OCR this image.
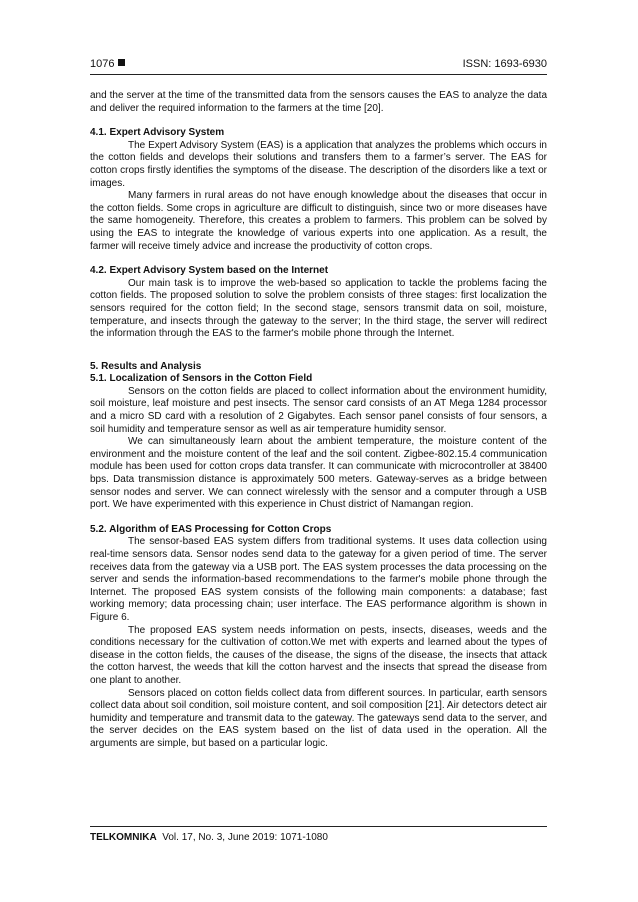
1076	ISSN: 1693-6930

and the server at the time of the transmitted data from the sensors causes the EAS to analyze the data and deliver the required information to the farmers at the time [20].

4.1. Expert Advisory System

The Expert Advisory System (EAS) is a application that analyzes the problems which occurs in the cotton fields and develops their solutions and transfers them to a farmer’s server. The EAS for cotton crops firstly identifies the symptoms of the disease. The description of the disorders like a text or images.

Many farmers in rural areas do not have enough knowledge about the diseases that occur in the cotton fields. Some crops in agriculture are difficult to distinguish, since two or more diseases have the same homogeneity. Therefore, this creates a problem to farmers. This problem can be solved by using the EAS to integrate the knowledge of various experts into one application. As a result, the farmer will receive timely advice and increase the productivity of cotton crops.

4.2. Expert Advisory System based on the Internet

Our main task is to improve the web-based so application to tackle the problems facing the cotton fields. The proposed solution to solve the problem consists of three stages: first localization the sensors required for the cotton field; In the second stage, sensors transmit data on soil, moisture, temperature, and insects through the gateway to the server; In the third stage, the server will redirect the information through the EAS to the farmer's mobile phone through the Internet.

5. Results and Analysis
5.1. Localization of Sensors in the Cotton Field

Sensors on the cotton fields are placed to collect information about the environment humidity, soil moisture, leaf moisture and pest insects. The sensor card consists of an AT Mega 1284 processor and a micro SD card with a resolution of 2 Gigabytes. Each sensor panel consists of four sensors, a soil humidity and temperature sensor as well as air temperature humidity sensor.

We can simultaneously learn about the ambient temperature, the moisture content of the environment and the moisture content of the leaf and the soil content. Zigbee-802.15.4 communication module has been used for cotton crops data transfer. It can communicate with microcontroller at 38400 bps. Data transmission distance is approximately 500 meters. Gateway-serves as a bridge between sensor nodes and server. We can connect wirelessly with the sensor and a computer through a USB port. We have experimented with this experience in Chust district of Namangan region.

5.2. Algorithm of EAS Processing for Cotton Crops

The sensor-based EAS system differs from traditional systems. It uses data collection using real-time sensors data. Sensor nodes send data to the gateway for a given period of time. The server receives data from the gateway via a USB port. The EAS system processes the data processing on the server and sends the information-based recommendations to the farmer's mobile phone through the Internet. The proposed EAS system consists of the following main components: a database; fast working memory; data processing chain; user interface. The EAS performance algorithm is shown in Figure 6.

The proposed EAS system needs information on pests, insects, diseases, weeds and the conditions necessary for the cultivation of cotton.We met with experts and learned about the types of disease in the cotton fields, the causes of the disease, the signs of the disease, the insects that attack the cotton harvest, the weeds that kill the cotton harvest and the insects that spread the disease from one plant to another.

Sensors placed on cotton fields collect data from different sources. In particular, earth sensors collect data about soil condition, soil moisture content, and soil composition [21]. Air detectors detect air humidity and temperature and transmit data to the gateway. The gateways send data to the server, and the server decides on the EAS system based on the list of data used in the operation. All the arguments are simple, but based on a particular logic.

TELKOMNIKA Vol. 17, No. 3, June 2019: 1071-1080
